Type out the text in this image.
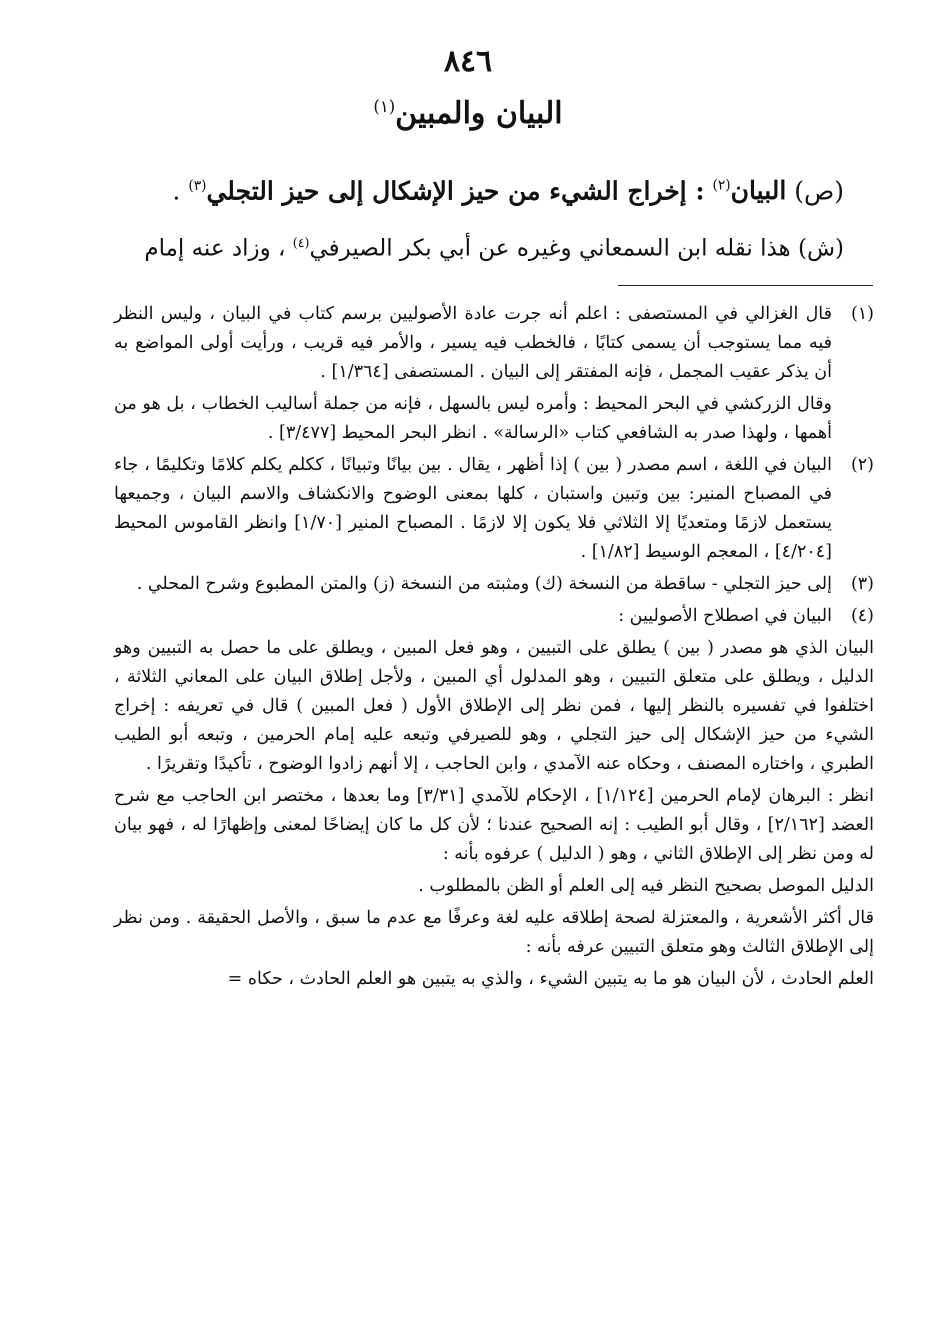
٨٤٦
البيان والمبين$^{(١)}$
(ص) البيان$^{(٢)}$ : إخراج الشيء من حيز الإشكال إلى حيز التجلي$^{(٣)}$ .
(ش) هذا نقله ابن السمعاني وغيره عن أبي بكر الصيرفي$^{(٤)}$ ، وزاد عنه إمام
(١)

قال الغزالي في المستصفى : اعلم أنه جرت عادة الأصوليين برسم كتاب في البيان ، وليس النظر فيه مما يستوجب أن يسمى كتابًا ، فالخطب فيه يسير ، والأمر فيه قريب ، ورأيت أولى المواضع به أن يذكر عقيب المجمل ، فإنه المفتقر إلى البيان . المستصفى [١/٣٦٤] .

وقال الزركشي في البحر المحيط : وأمره ليس بالسهل ، فإنه من جملة أساليب الخطاب ، بل هو من أهمها ، ولهذا صدر به الشافعي كتاب «الرسالة» . انظر البحر المحيط [٣/٤٧٧] .

(٢)

البيان في اللغة ، اسم مصدر ( بين ) إذا أظهر ، يقال . بين بيانًا وتبيانًا ، ككلم يكلم كلامًا وتكليمًا ، جاء في المصباح المنير: بين وتبين واستبان ، كلها بمعنى الوضوح والانكشاف والاسم البيان ، وجميعها يستعمل لازمًا ومتعديًا إلا الثلاثي فلا يكون إلا لازمًا . المصباح المنير [١/٧٠] وانظر القاموس المحيط [٤/٢٠٤] ، المعجم الوسيط [١/٨٢] .

(٣)

إلى حيز التجلي - ساقطة من النسخة (ك) ومثبته من النسخة (ز) والمتن المطبوع وشرح المحلي .

(٤)

البيان في اصطلاح الأصوليين :

البيان الذي هو مصدر ( بين ) يطلق على التبيين ، وهو فعل المبين ، ويطلق على ما حصل به التبيين وهو الدليل ، ويطلق على متعلق التبيين ، وهو المدلول أي المبين ، ولأجل إطلاق البيان على المعاني الثلاثة ، اختلفوا في تفسيره بالنظر إليها ، فمن نظر إلى الإطلاق الأول ( فعل المبين ) قال في تعريفه : إخراج الشيء من حيز الإشكال إلى حيز التجلي ، وهو للصيرفي وتبعه عليه إمام الحرمين ، وتبعه أبو الطيب الطبري ، واختاره المصنف ، وحكاه عنه الآمدي ، وابن الحاجب ، إلا أنهم زادوا الوضوح ، تأكيدًا وتقريرًا .

انظر : البرهان لإمام الحرمين [١/١٢٤] ، الإحكام للآمدي [٣/٣١] وما بعدها ، مختصر ابن الحاجب مع شرح العضد [٢/١٦٢] ، وقال أبو الطيب : إنه الصحيح عندنا ؛ لأن كل ما كان إيضاحًا لمعنى وإظهارًا له ، فهو بيان له ومن نظر إلى الإطلاق الثاني ، وهو ( الدليل ) عرفوه بأنه :

الدليل الموصل بصحيح النظر فيه إلى العلم أو الظن بالمطلوب .

قال أكثر الأشعرية ، والمعتزلة لصحة إطلاقه عليه لغة وعرفًا مع عدم ما سبق ، والأصل الحقيقة . ومن نظر إلى الإطلاق الثالث وهو متعلق التبيين عرفه بأنه :

العلم الحادث ، لأن البيان هو ما به يتبين الشيء ، والذي به يتبين هو العلم الحادث ، حكاه =
